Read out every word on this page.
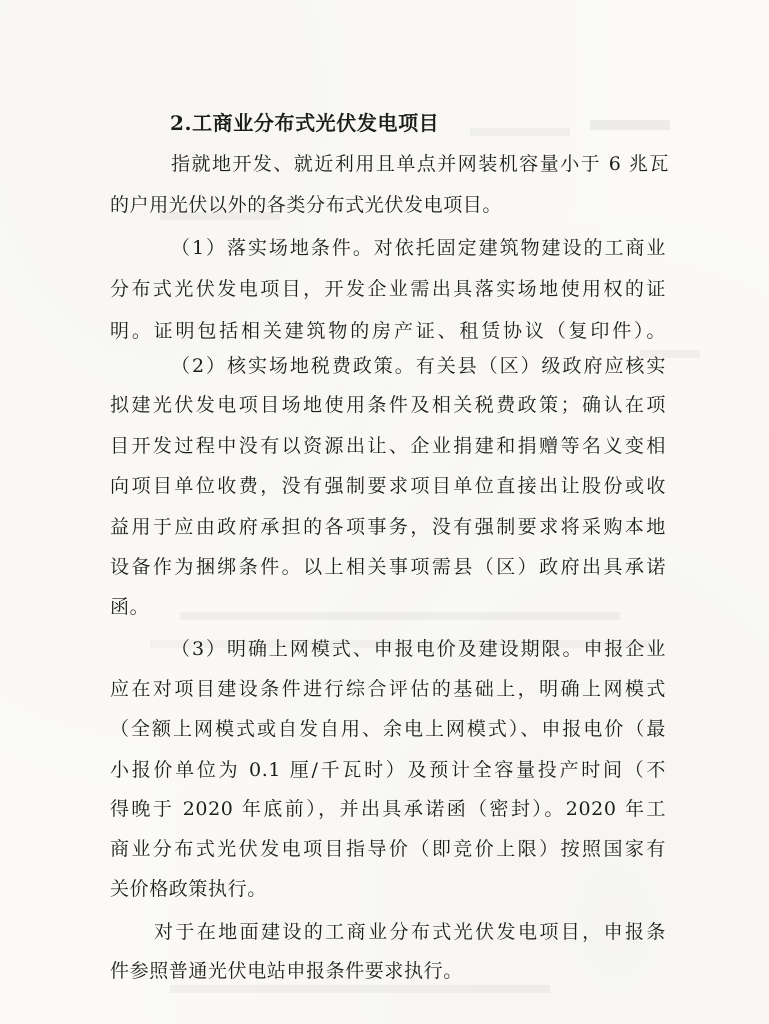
2.工商业分布式光伏发电项目
指就地开发、就近利用且单点并网装机容量小于 6 兆瓦
的户用光伏以外的各类分布式光伏发电项目。
（1）落实场地条件。对依托固定建筑物建设的工商业
分布式光伏发电项目，开发企业需出具落实场地使用权的证
明。证明包括相关建筑物的房产证、租赁协议（复印件）。
（2）核实场地税费政策。有关县（区）级政府应核实
拟建光伏发电项目场地使用条件及相关税费政策；确认在项
目开发过程中没有以资源出让、企业捐建和捐赠等名义变相
向项目单位收费，没有强制要求项目单位直接出让股份或收
益用于应由政府承担的各项事务，没有强制要求将采购本地
设备作为捆绑条件。以上相关事项需县（区）政府出具承诺
函。
（3）明确上网模式、申报电价及建设期限。申报企业
应在对项目建设条件进行综合评估的基础上，明确上网模式
（全额上网模式或自发自用、余电上网模式）、申报电价（最
小报价单位为 0.1 厘/千瓦时）及预计全容量投产时间（不
得晚于 2020 年底前），并出具承诺函（密封）。2020 年工
商业分布式光伏发电项目指导价（即竞价上限）按照国家有
关价格政策执行。
对于在地面建设的工商业分布式光伏发电项目，申报条
件参照普通光伏电站申报条件要求执行。
